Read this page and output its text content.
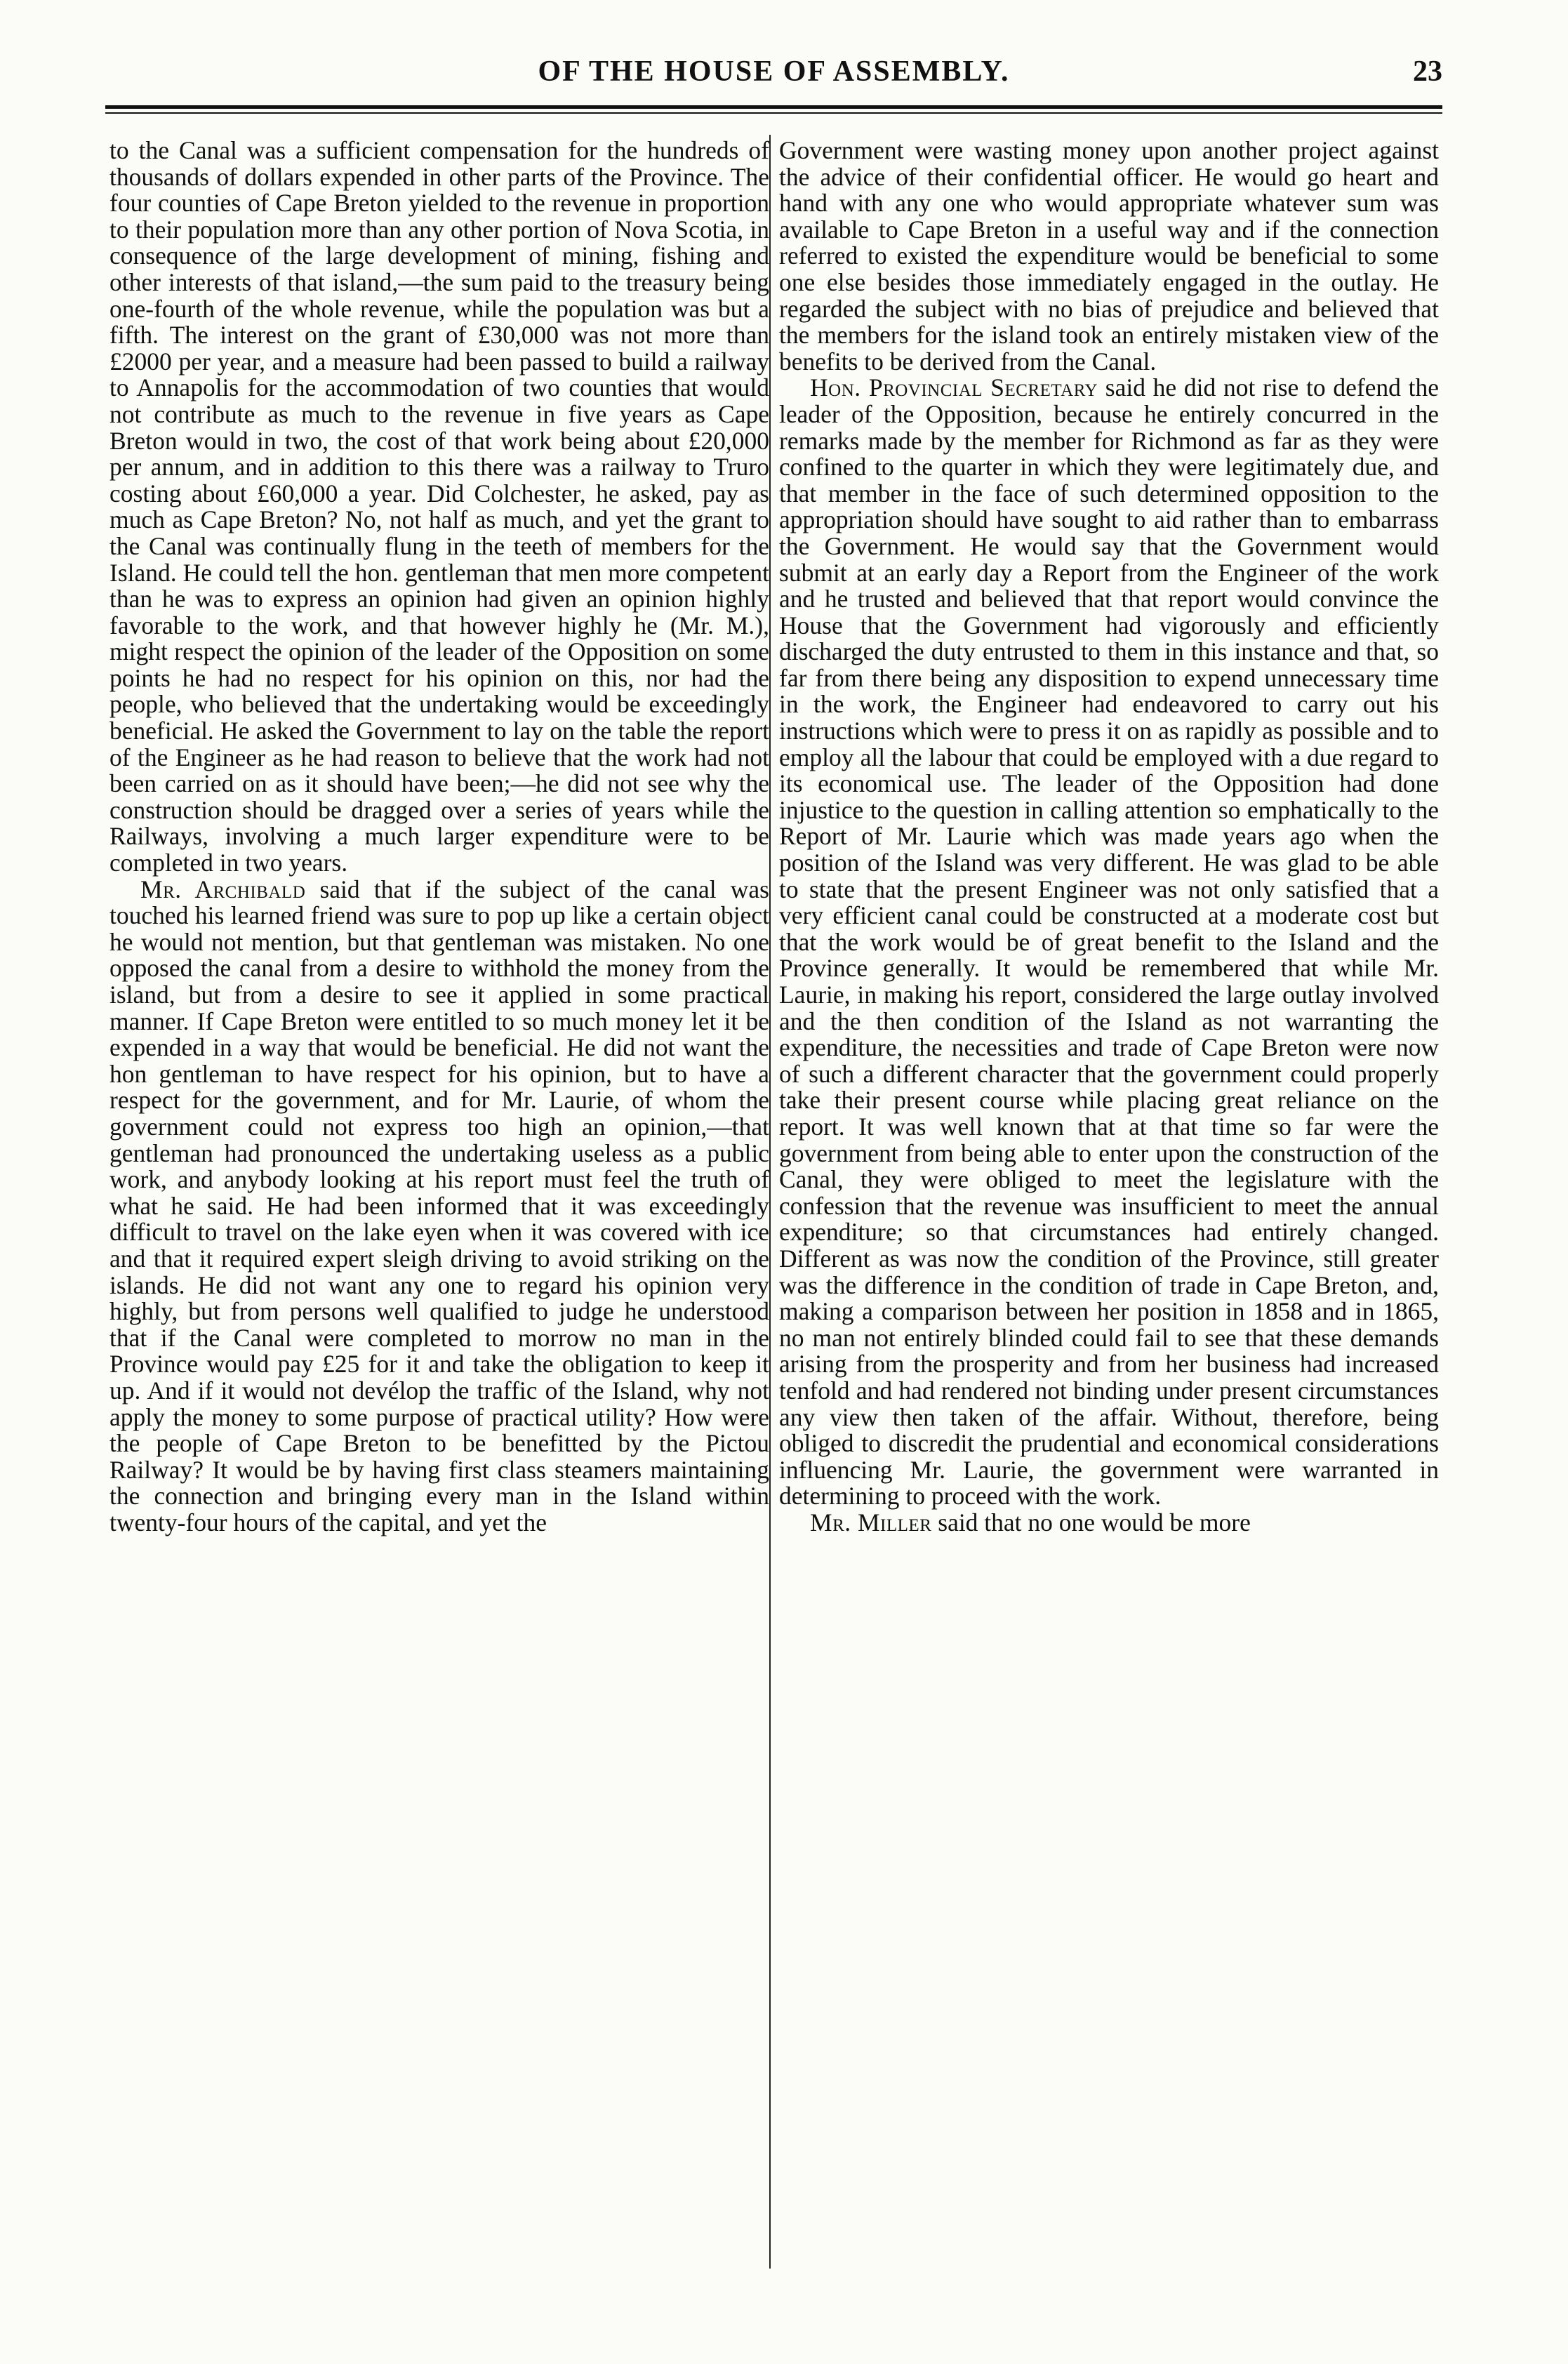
OF THE HOUSE OF ASSEMBLY.	23

to the Canal was a sufficient compensation for the hundreds of thousands of dollars expended in other parts of the Province. The four counties of Cape Breton yielded to the revenue in proportion to their population more than any other portion of Nova Scotia, in consequence of the large development of mining, fishing and other interests of that island,—the sum paid to the treasury being one-fourth of the whole revenue, while the population was but a fifth. The interest on the grant of £30,000 was not more than £2000 per year, and a measure had been passed to build a railway to Annapolis for the accommodation of two counties that would not contribute as much to the revenue in five years as Cape Breton would in two, the cost of that work being about £20,000 per annum, and in addition to this there was a railway to Truro costing about £60,000 a year. Did Colchester, he asked, pay as much as Cape Breton? No, not half as much, and yet the grant to the Canal was continually flung in the teeth of members for the Island. He could tell the hon. gentleman that men more competent than he was to express an opinion had given an opinion highly favorable to the work, and that however highly he (Mr. M.), might respect the opinion of the leader of the Opposition on some points he had no respect for his opinion on this, nor had the people, who believed that the undertaking would be exceedingly beneficial. He asked the Government to lay on the table the report of the Engineer as he had reason to believe that the work had not been carried on as it should have been;—he did not see why the construction should be dragged over a series of years while the Railways, involving a much larger expenditure were to be completed in two years.

Mr. Archibald said that if the subject of the canal was touched his learned friend was sure to pop up like a certain object he would not mention, but that gentleman was mistaken. No one opposed the canal from a desire to withhold the money from the island, but from a desire to see it applied in some practical manner. If Cape Breton were entitled to so much money let it be expended in a way that would be beneficial. He did not want the hon gentleman to have respect for his opinion, but to have a respect for the government, and for Mr. Laurie, of whom the government could not express too high an opinion,—that gentleman had pronounced the undertaking useless as a public work, and anybody looking at his report must feel the truth of what he said. He had been informed that it was exceedingly difficult to travel on the lake eyen when it was covered with ice and that it required expert sleigh driving to avoid striking on the islands. He did not want any one to regard his opinion very highly, but from persons well qualified to judge he understood that if the Canal were completed to morrow no man in the Province would pay £25 for it and take the obligation to keep it up. And if it would not devélop the traffic of the Island, why not apply the money to some purpose of practical utility? How were the people of Cape Breton to be benefitted by the Pictou Railway? It would be by having first class steamers maintaining the connection and bringing every man in the Island within twenty-four hours of the capital, and yet the

Government were wasting money upon another project against the advice of their confidential officer. He would go heart and hand with any one who would appropriate whatever sum was available to Cape Breton in a useful way and if the connection referred to existed the expenditure would be beneficial to some one else besides those immediately engaged in the outlay. He regarded the subject with no bias of prejudice and believed that the members for the island took an entirely mistaken view of the benefits to be derived from the Canal.

Hon. Provincial Secretary said he did not rise to defend the leader of the Opposition, because he entirely concurred in the remarks made by the member for Richmond as far as they were confined to the quarter in which they were legitimately due, and that member in the face of such determined opposition to the appropriation should have sought to aid rather than to embarrass the Government. He would say that the Government would submit at an early day a Report from the Engineer of the work and he trusted and believed that that report would convince the House that the Government had vigorously and efficiently discharged the duty entrusted to them in this instance and that, so far from there being any disposition to expend unnecessary time in the work, the Engineer had endeavored to carry out his instructions which were to press it on as rapidly as possible and to employ all the labour that could be employed with a due regard to its economical use. The leader of the Opposition had done injustice to the question in calling attention so emphatically to the Report of Mr. Laurie which was made years ago when the position of the Island was very different. He was glad to be able to state that the present Engineer was not only satisfied that a very efficient canal could be constructed at a moderate cost but that the work would be of great benefit to the Island and the Province generally. It would be remembered that while Mr. Laurie, in making his report, considered the large outlay involved and the then condition of the Island as not warranting the expenditure, the necessities and trade of Cape Breton were now of such a different character that the government could properly take their present course while placing great reliance on the report. It was well known that at that time so far were the government from being able to enter upon the construction of the Canal, they were obliged to meet the legislature with the confession that the revenue was insufficient to meet the annual expenditure; so that circumstances had entirely changed. Different as was now the condition of the Province, still greater was the difference in the condition of trade in Cape Breton, and, making a comparison between her position in 1858 and in 1865, no man not entirely blinded could fail to see that these demands arising from the prosperity and from her business had increased tenfold and had rendered not binding under present circumstances any view then taken of the affair. Without, therefore, being obliged to discredit the prudential and economical considerations influencing Mr. Laurie, the government were warranted in determining to proceed with the work.

Mr. Miller said that no one would be more
